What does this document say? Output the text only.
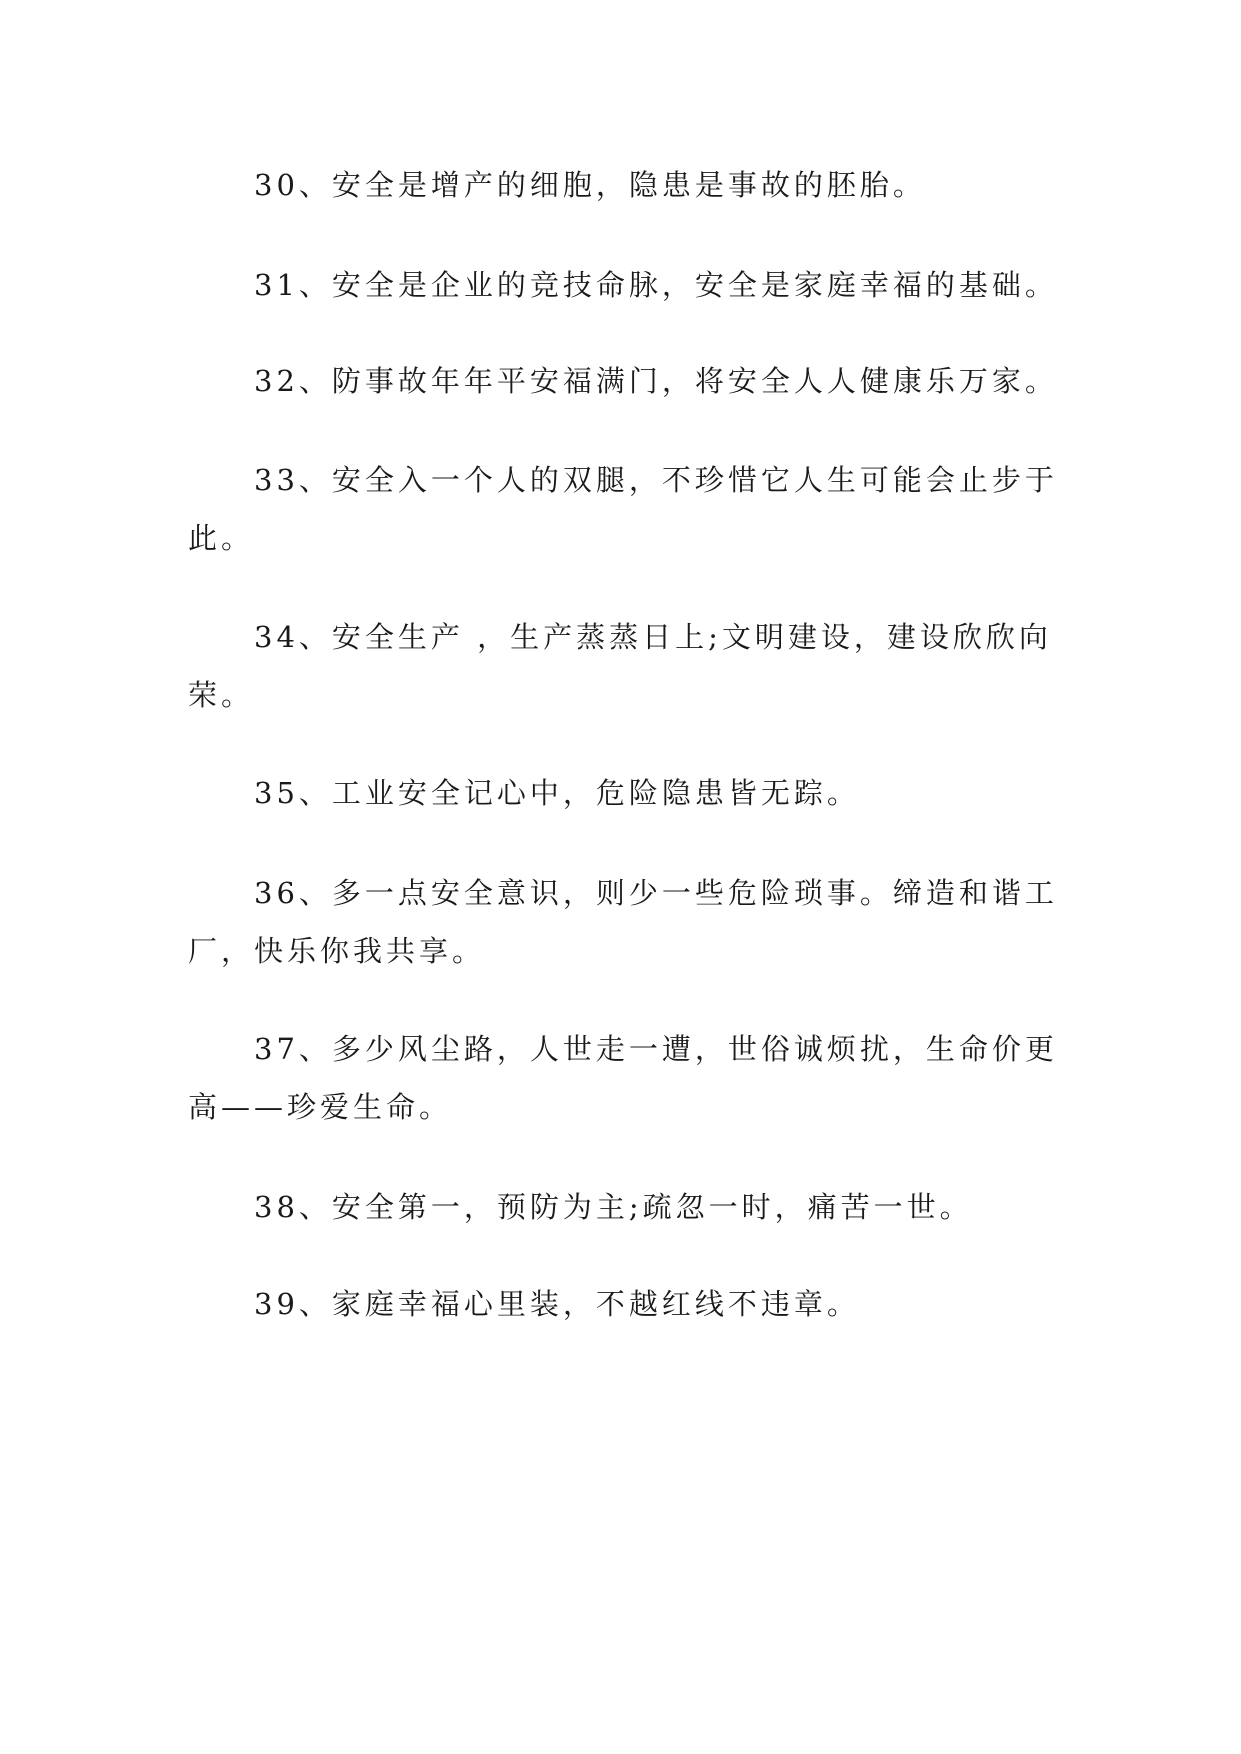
30、安全是增产的细胞，隐患是事故的胚胎。

31、安全是企业的竞技命脉，安全是家庭幸福的基础。

32、防事故年年平安福满门，将安全人人健康乐万家。

33、安全入一个人的双腿，不珍惜它人生可能会止步于此。

34、安全生产 ，生产蒸蒸日上;文明建设，建设欣欣向荣。

35、工业安全记心中，危险隐患皆无踪。

36、多一点安全意识，则少一些危险琐事。缔造和谐工厂，快乐你我共享。

37、多少风尘路，人世走一遭，世俗诚烦扰，生命价更高——珍爱生命。

38、安全第一，预防为主;疏忽一时，痛苦一世。

39、家庭幸福心里装，不越红线不违章。
